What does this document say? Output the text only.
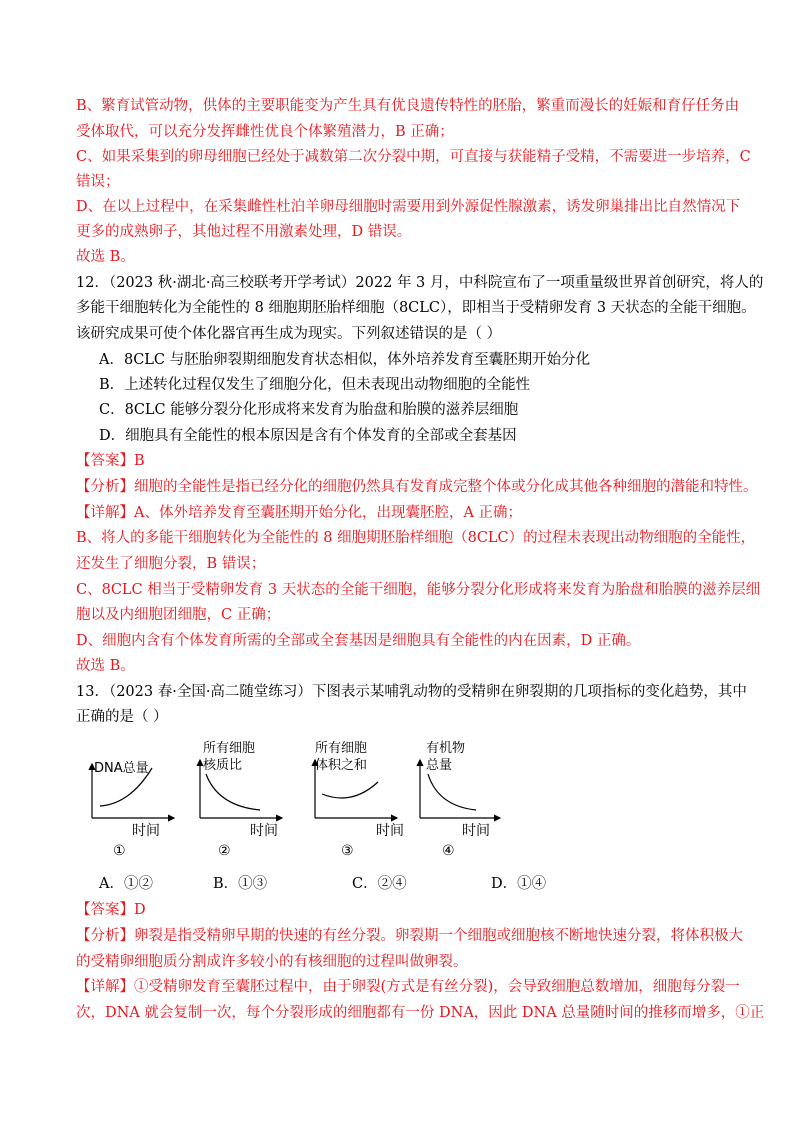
B、繁育试管动物，供体的主要职能变为产生具有优良遗传特性的胚胎，繁重而漫长的妊娠和育仔任务由
受体取代，可以充分发挥雌性优良个体繁殖潜力，B 正确；
C、如果采集到的卵母细胞已经处于减数第二次分裂中期，可直接与获能精子受精，不需要进一步培养，C
错误；
D、在以上过程中，在采集雌性杜泊羊卵母细胞时需要用到外源促性腺激素，诱发卵巢排出比自然情况下
更多的成熟卵子，其他过程不用激素处理，D 错误。
故选 B。
12．（2023 秋·湖北·高三校联考开学考试）2022 年 3 月，中科院宣布了一项重量级世界首创研究，将人的
多能干细胞转化为全能性的 8 细胞期胚胎样细胞（8CLC），即相当于受精卵发育 3 天状态的全能干细胞。
该研究成果可使个体化器官再生成为现实。下列叙述错误的是（ ）
A．8CLC 与胚胎卵裂期细胞发育状态相似，体外培养发育至囊胚期开始分化
B．上述转化过程仅发生了细胞分化，但未表现出动物细胞的全能性
C．8CLC 能够分裂分化形成将来发育为胎盘和胎膜的滋养层细胞
D．细胞具有全能性的根本原因是含有个体发育的全部或全套基因
【答案】B
【分析】细胞的全能性是指已经分化的细胞仍然具有发育成完整个体或分化成其他各种细胞的潜能和特性。
【详解】A、体外培养发育至囊胚期开始分化，出现囊胚腔，A 正确；
B、将人的多能干细胞转化为全能性的 8 细胞期胚胎样细胞（8CLC）的过程未表现出动物细胞的全能性，
还发生了细胞分裂，B 错误；
C、8CLC 相当于受精卵发育 3 天状态的全能干细胞，能够分裂分化形成将来发育为胎盘和胎膜的滋养层细
胞以及内细胞团细胞，C 正确；
D、细胞内含有个体发育所需的全部或全套基因是细胞具有全能性的内在因素，D 正确。
故选 B。
13．（2023 春·全国·高二随堂练习）下图表示某哺乳动物的受精卵在卵裂期的几项指标的变化趋势，其中
正确的是（ ）
DNA总量
时间
①
所有细胞
核质比
时间
②
所有细胞
体积之和
时间
③
有机物
总量
时间
④
A．①②	B．①③	C．②④	D．①④
【答案】D
【分析】卵裂是指受精卵早期的快速的有丝分裂。卵裂期一个细胞或细胞核不断地快速分裂，将体积极大
的受精卵细胞质分割成许多较小的有核细胞的过程叫做卵裂。
【详解】①受精卵发育至囊胚过程中，由于卵裂(方式是有丝分裂)，会导致细胞总数增加，细胞每分裂一
次，DNA 就会复制一次，每个分裂形成的细胞都有一份 DNA，因此 DNA 总量随时间的推移而增多，①正
